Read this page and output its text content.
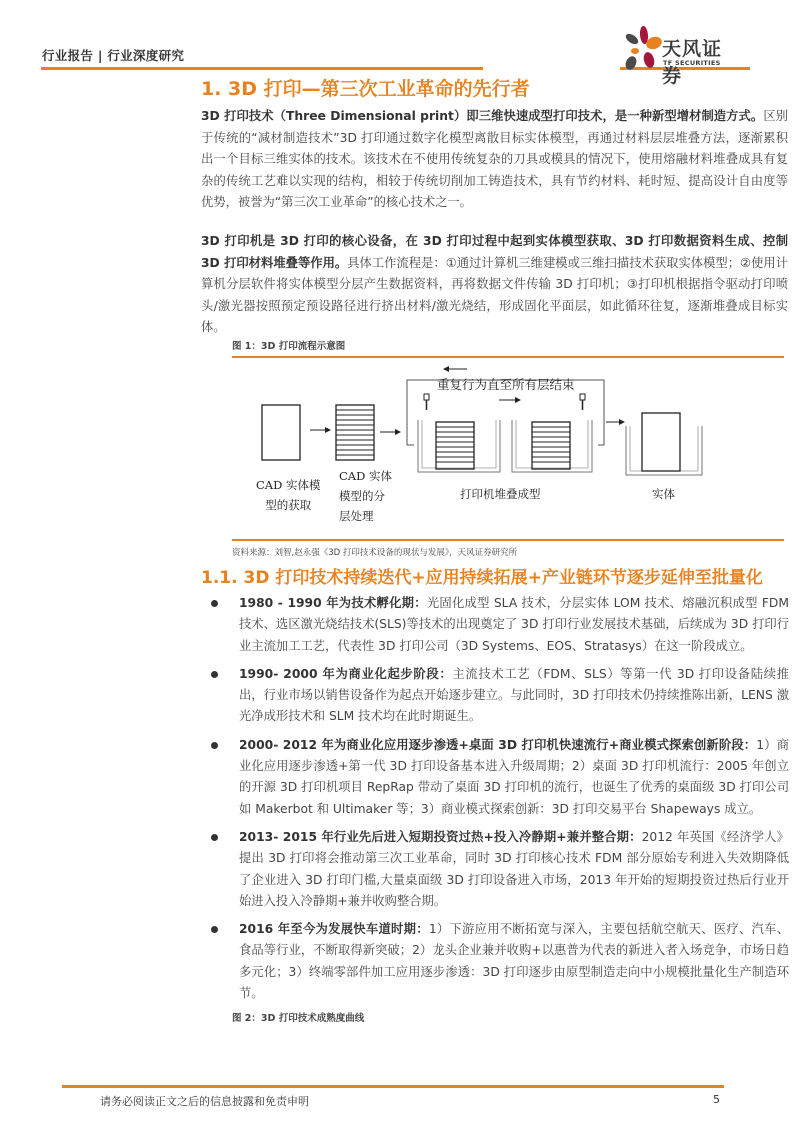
行业报告 | 行业深度研究	天风证券
TF SECURITIES
1. 3D 打印—第三次工业革命的先行者
3D 打印技术（Three Dimensional print）即三维快速成型打印技术，是一种新型增材制造方式。区别于传统的“减材制造技术”3D 打印通过数字化模型离散目标实体模型，再通过材料层层堆叠方法，逐渐累积出一个目标三维实体的技术。该技术在不使用传统复杂的刀具或模具的情况下，使用熔融材料堆叠成具有复杂的传统工艺难以实现的结构，相较于传统切削加工铸造技术，具有节约材料、耗时短、提高设计自由度等优势，被誉为“第三次工业革命”的核心技术之一。
3D 打印机是 3D 打印的核心设备，在 3D 打印过程中起到实体模型获取、3D 打印数据资料生成、控制 3D 打印材料堆叠等作用。具体工作流程是：①通过计算机三维建模或三维扫描技术获取实体模型；②使用计算机分层软件将实体模型分层产生数据资料，再将数据文件传输 3D 打印机；③打印机根据指令驱动打印喷头/激光器按照预定预设路径进行挤出材料/激光烧结，形成固化平面层，如此循环往复，逐渐堆叠成目标实体。
图 1：3D 打印流程示意图
重复行为直至所有层结束
CAD 实体模
型的获取
CAD 实体
模型的分
层处理
打印机堆叠成型	实体
资料来源：刘智,赵永强《3D 打印技术设备的现状与发展》，天风证券研究所
1.1. 3D 打印技术持续迭代+应用持续拓展+产业链环节逐步延伸至批量化
1980 - 1990 年为技术孵化期：光固化成型 SLA 技术，分层实体 LOM 技术、熔融沉积成型 FDM 技术、选区激光烧结技术(SLS)等技术的出现奠定了 3D 打印行业发展技术基础，后续成为 3D 打印行业主流加工工艺，代表性 3D 打印公司（3D Systems、EOS、Stratasys）在这一阶段成立。
1990- 2000 年为商业化起步阶段：主流技术工艺（FDM、SLS）等第一代 3D 打印设备陆续推出，行业市场以销售设备作为起点开始逐步建立。与此同时，3D 打印技术仍持续推陈出新，LENS 激光净成形技术和 SLM 技术均在此时期诞生。
2000- 2012 年为商业化应用逐步渗透+桌面 3D 打印机快速流行+商业模式探索创新阶段：1）商业化应用逐步渗透+第一代 3D 打印设备基本进入升级周期；2）桌面 3D 打印机流行：2005 年创立的开源 3D 打印机项目 RepRap 带动了桌面 3D 打印机的流行，也诞生了优秀的桌面级 3D 打印公司如 Makerbot 和 Ultimaker 等；3）商业模式探索创新：3D 打印交易平台 Shapeways 成立。
2013- 2015 年行业先后进入短期投资过热+投入冷静期+兼并整合期：2012 年英国《经济学人》提出 3D 打印将会推动第三次工业革命，同时 3D 打印核心技术 FDM 部分原始专利进入失效期降低了企业进入 3D 打印门槛,大量桌面级 3D 打印设备进入市场，2013 年开始的短期投资过热后行业开始进入投入冷静期+兼并收购整合期。
2016 年至今为发展快车道时期：1）下游应用不断拓宽与深入，主要包括航空航天、医疗、汽车、食品等行业，不断取得新突破；2）龙头企业兼并收购+以惠普为代表的新进入者入场竞争，市场日趋多元化；3）终端零部件加工应用逐步渗透：3D 打印逐步由原型制造走向中小规模批量化生产制造环节。
图 2：3D 打印技术成熟度曲线
请务必阅读正文之后的信息披露和免责申明	5
